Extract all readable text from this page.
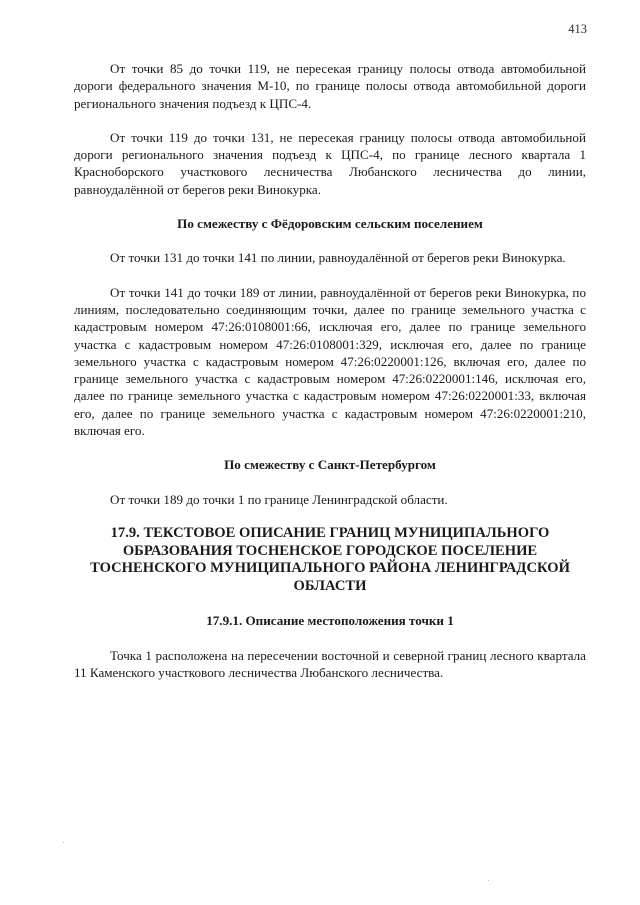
413

От точки 85 до точки 119, не пересекая границу полосы отвода автомобильной дороги федерального значения М-10, по границе полосы отвода автомобильной дороги регионального значения подъезд к ЦПС-4.

От точки 119 до точки 131, не пересекая границу полосы отвода автомобильной дороги регионального значения подъезд к ЦПС-4, по границе лесного квартала 1 Красноборского участкового лесничества Любанского лесничества до линии, равноудалённой от берегов реки Винокурка.

По смежеству с Фёдоровским сельским поселением

От точки 131 до точки 141 по линии, равноудалённой от берегов реки Винокурка.

От точки 141 до точки 189 от линии, равноудалённой от берегов реки Винокурка, по линиям, последовательно соединяющим точки, далее по границе земельного участка с кадастровым номером 47:26:0108001:66, исключая его, далее по границе земельного участка с кадастровым номером 47:26:0108001:329, исключая его, далее по границе земельного участка с кадастровым номером 47:26:0220001:126, включая его, далее по границе земельного участка с кадастровым номером 47:26:0220001:146, исключая его, далее по границе земельного участка с кадастровым номером 47:26:0220001:33, включая его, далее по границе земельного участка с кадастровым номером 47:26:0220001:210, включая его.

По смежеству с Санкт-Петербургом

От точки 189 до точки 1 по границе Ленинградской области.

17.9. ТЕКСТОВОЕ ОПИСАНИЕ ГРАНИЦ МУНИЦИПАЛЬНОГО ОБРАЗОВАНИЯ ТОСНЕНСКОЕ ГОРОДСКОЕ ПОСЕЛЕНИЕ ТОСНЕНСКОГО МУНИЦИПАЛЬНОГО РАЙОНА ЛЕНИНГРАДСКОЙ ОБЛАСТИ
17.9.1. Описание местоположения точки 1

Точка 1 расположена на пересечении восточной и северной границ лесного квартала 11 Каменского участкового лесничества Любанского лесничества.
